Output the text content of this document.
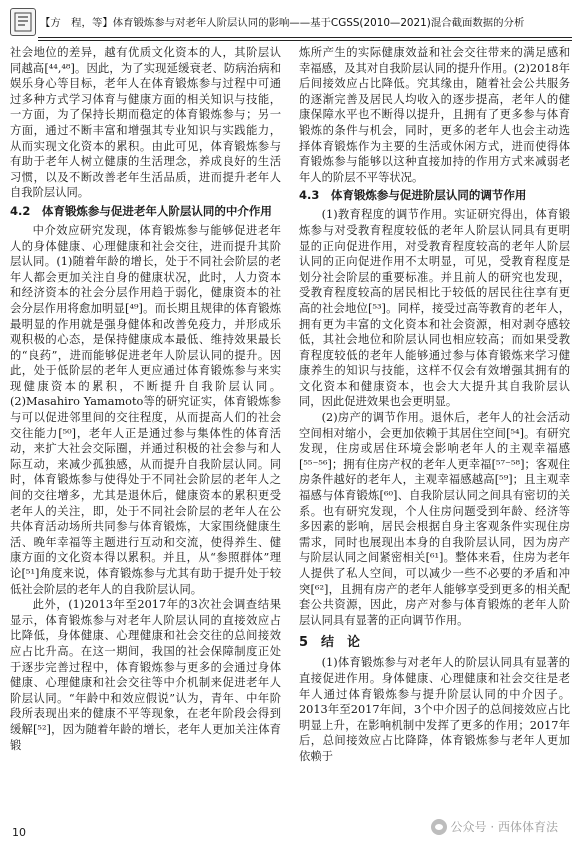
【方　程，等】体育锻炼参与对老年人阶层认同的影响——基于CGSS(2010—2021)混合截面数据的分析

社会地位的差异，越有优质文化资本的人，其阶层认同越高[⁴⁴,⁴⁸]。因此，为了实现延缓衰老、防病治病和娱乐身心等目标，老年人在体育锻炼参与过程中可通过多种方式学习体育与健康方面的相关知识与技能，一方面，为了保持长期而稳定的体育锻炼参与；另一方面，通过不断丰富和增强其专业知识与实践能力，从而实现文化资本的累积。由此可见，体育锻炼参与有助于老年人树立健康的生活理念，养成良好的生活习惯，以及不断改善老年生活品质，进而提升老年人自我阶层认同。

4.2　体育锻炼参与促进老年人阶层认同的中介作用

中介效应研究发现，体育锻炼参与能够促进老年人的身体健康、心理健康和社会交往，进而提升其阶层认同。(1)随着年龄的增长，处于不同社会阶层的老年人都会更加关注自身的健康状况，此时，人力资本和经济资本的社会分层作用趋于弱化，健康资本的社会分层作用将愈加明显[⁴⁹]。而长期且规律的体育锻炼最明显的作用就是强身健体和改善免疫力，并形成乐观积极的心态，是保持健康成本最低、维持效果最长的“良药”，进而能够促进老年人阶层认同的提升。因此，处于低阶层的老年人更应通过体育锻炼参与来实现健康资本的累积，不断提升自我阶层认同。(2)Masahiro Yamamoto等的研究证实，体育锻炼参与可以促进邻里间的交往程度，从而提高人们的社会交往能力[⁵⁰]，老年人正是通过参与集体性的体育活动，来扩大社会交际圈，并通过积极的社会参与和人际互动，来减少孤独感，从而提升自我阶层认同。同时，体育锻炼参与使得处于不同社会阶层的老年人之间的交往增多，尤其是退休后，健康资本的累积更受老年人的关注，即，处于不同社会阶层的老年人在公共体育活动场所共同参与体育锻炼，大家围绕健康生活、晚年幸福等主题进行互动和交流，使得养生、健康方面的文化资本得以累积。并且，从“参照群体”理论[⁵¹]角度来说，体育锻炼参与尤其有助于提升处于较低社会阶层的老年人的自我阶层认同。

此外，(1)2013年至2017年的3次社会调查结果显示，体育锻炼参与对老年人阶层认同的直接效应占比降低，身体健康、心理健康和社会交往的总间接效应占比升高。在这一期间，我国的社会保障制度正处于逐步完善过程中，体育锻炼参与更多的会通过身体健康、心理健康和社会交往等中介机制来促进老年人阶层认同。“年龄中和效应假说”认为，青年、中年阶段所表现出来的健康不平等现象，在老年阶段会得到缓解[⁵²]，因为随着年龄的增长，老年人更加关注体育锻

炼所产生的实际健康效益和社会交往带来的满足感和幸福感，及其对自我阶层认同的提升作用。(2)2018年后间接效应占比降低。究其缘由，随着社会公共服务的逐渐完善及居民人均收入的逐步提高，老年人的健康保障水平也不断得以提升，且拥有了更多参与体育锻炼的条件与机会，同时，更多的老年人也会主动选择体育锻炼作为主要的生活或休闲方式，进而使得体育锻炼参与能够以这种直接加持的作用方式来减弱老年人的阶层不平等状况。

4.3　体育锻炼参与促进阶层认同的调节作用

(1)教育程度的调节作用。实证研究得出，体育锻炼参与对受教育程度较低的老年人阶层认同具有更明显的正向促进作用，对受教育程度较高的老年人阶层认同的正向促进作用不太明显，可见，受教育程度是划分社会阶层的重要标准。并且前人的研究也发现，受教育程度较高的居民相比于较低的居民往往享有更高的社会地位[⁵³]。同样，接受过高等教育的老年人，拥有更为丰富的文化资本和社会资源，相对剥夺感较低，其社会地位和阶层认同也相应较高；而如果受教育程度较低的老年人能够通过参与体育锻炼来学习健康养生的知识与技能，这样不仅会有效增强其拥有的文化资本和健康资本，也会大大提升其自我阶层认同，因此促进效果也会更明显。

(2)房产的调节作用。退休后，老年人的社会活动空间相对缩小，会更加依赖于其居住空间[⁵⁴]。有研究发现，住房或居住环境会影响老年人的主观幸福感[⁵⁵⁻⁵⁶]；拥有住房产权的老年人更幸福[⁵⁷⁻⁵⁸]；客观住房条件越好的老年人，主观幸福感越高[⁵⁹]；且主观幸福感与体育锻炼[⁶⁰]、自我阶层认同之间具有密切的关系。也有研究发现，个人住房问题受到年龄、经济等多因素的影响，居民会根据自身主客观条件实现住房需求，同时也展现出本身的自我阶层认同，因为房产与阶层认同之间紧密相关[⁶¹]。整体来看，住房为老年人提供了私人空间，可以减少一些不必要的矛盾和冲突[⁶²]，且拥有房产的老年人能够享受到更多的相关配套公共资源，因此，房产对参与体育锻炼的老年人阶层认同具有显著的正向调节作用。

5　结　论

(1)体育锻炼参与对老年人的阶层认同具有显著的直接促进作用。身体健康、心理健康和社会交往是老年人通过体育锻炼参与提升阶层认同的中介因子。2013年至2017年间，3个中介因子的总间接效应占比明显上升，在影响机制中发挥了更多的作用；2017年后，总间接效应占比降降，体育锻炼参与老年人更加依赖于

10	公众号 · 西体体育法
